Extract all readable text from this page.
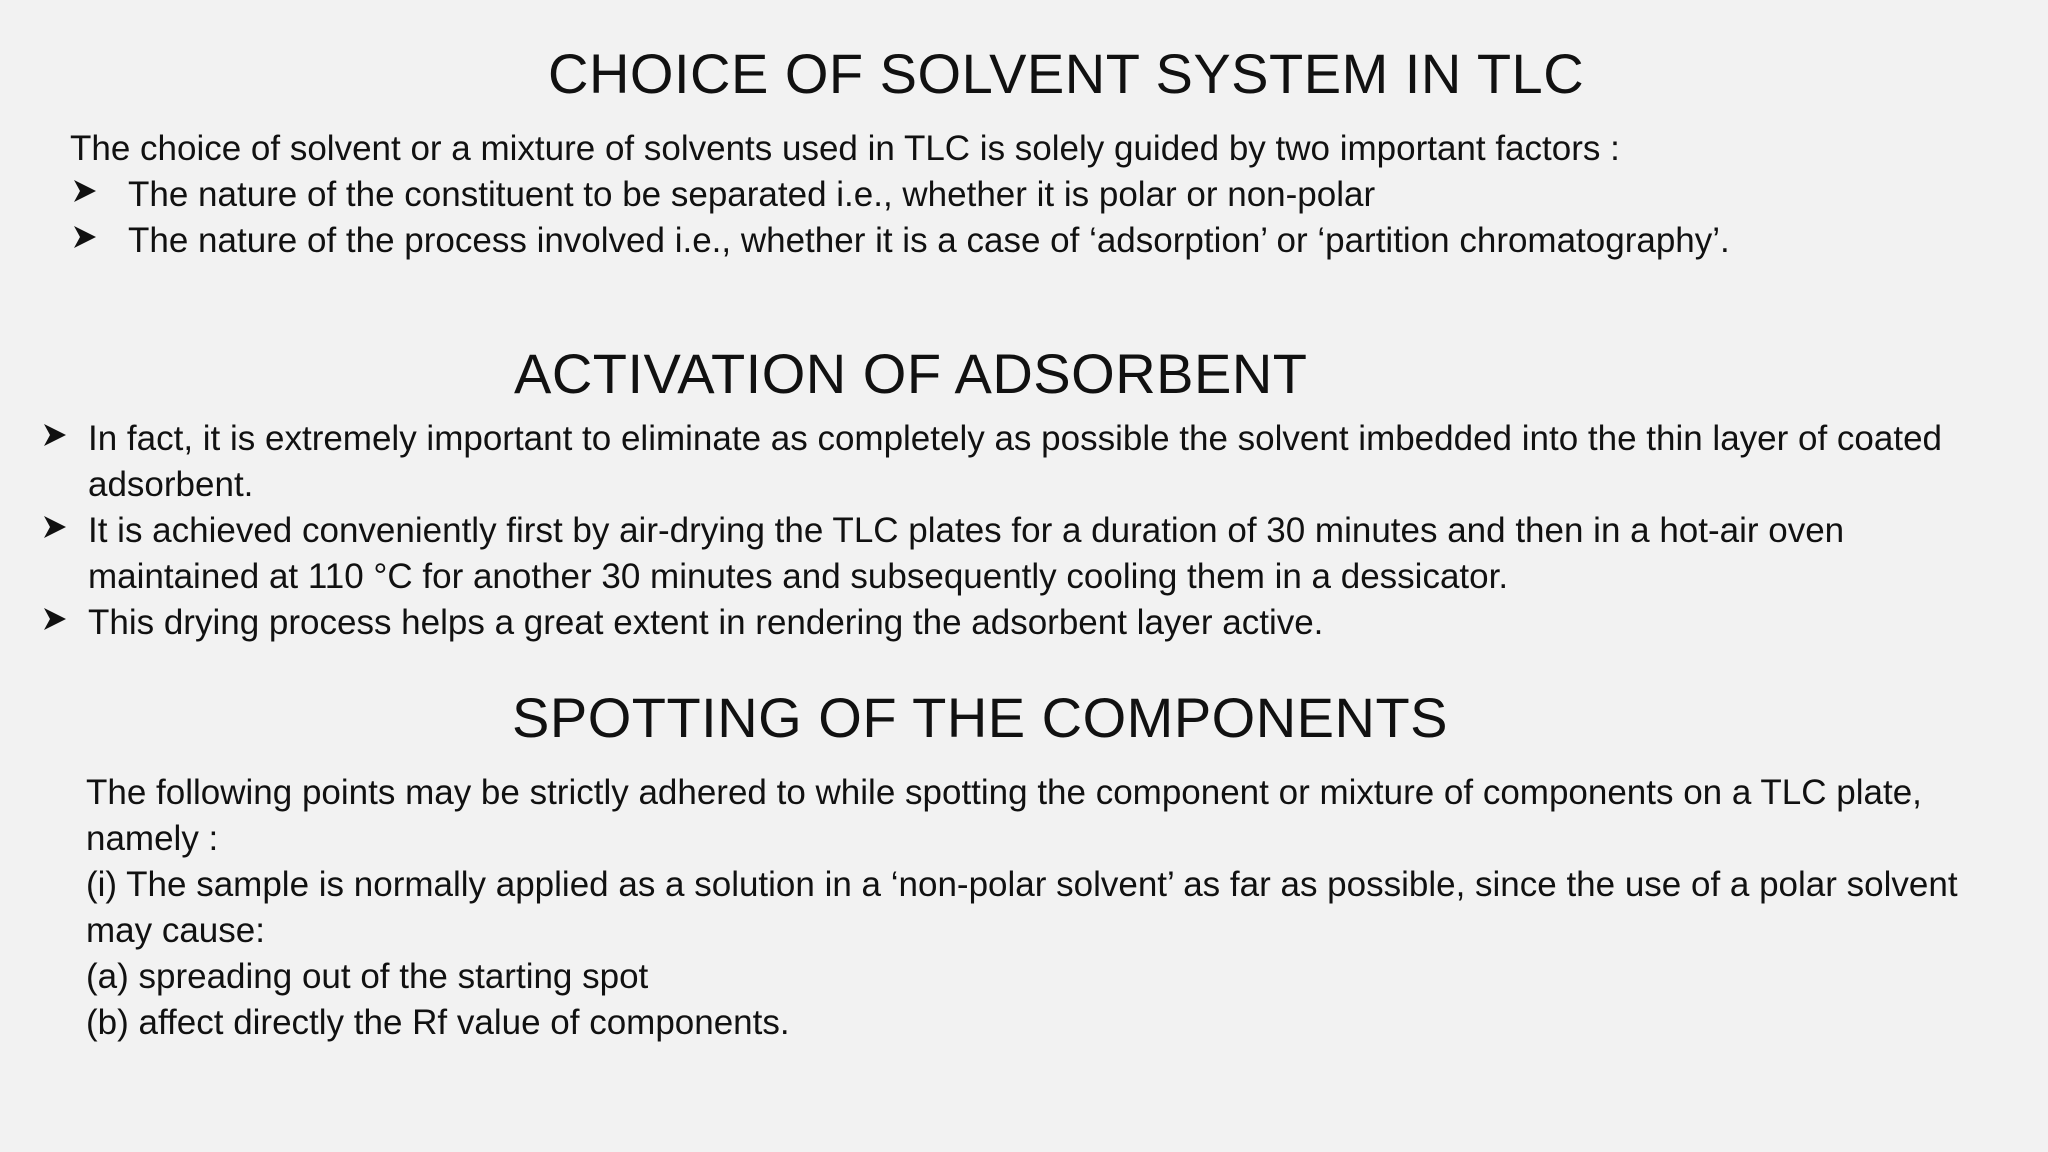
CHOICE OF SOLVENT SYSTEM IN TLC

The choice of solvent or a mixture of solvents used in TLC is solely guided by two important factors :

The nature of the constituent to be separated i.e., whether it is polar or non-polar
The nature of the process involved i.e., whether it is a case of ‘adsorption’ or ‘partition chromatography’.
ACTIVATION OF ADSORBENT
In fact, it is extremely important to eliminate as completely as possible the solvent imbedded into the thin layer of coated
adsorbent.
It is achieved conveniently first by air-drying the TLC plates for a duration of 30 minutes and then in a hot-air oven
maintained at 110 °C for another 30 minutes and subsequently cooling them in a dessicator.
This drying process helps a great extent in rendering the adsorbent layer active.
SPOTTING OF THE COMPONENTS
The following points may be strictly adhered to while spotting the component or mixture of components on a TLC plate,
namely :
(i) The sample is normally applied as a solution in a ‘non-polar solvent’ as far as possible, since the use of a polar solvent
may cause:
(a) spreading out of the starting spot
(b) affect directly the Rf value of components.
